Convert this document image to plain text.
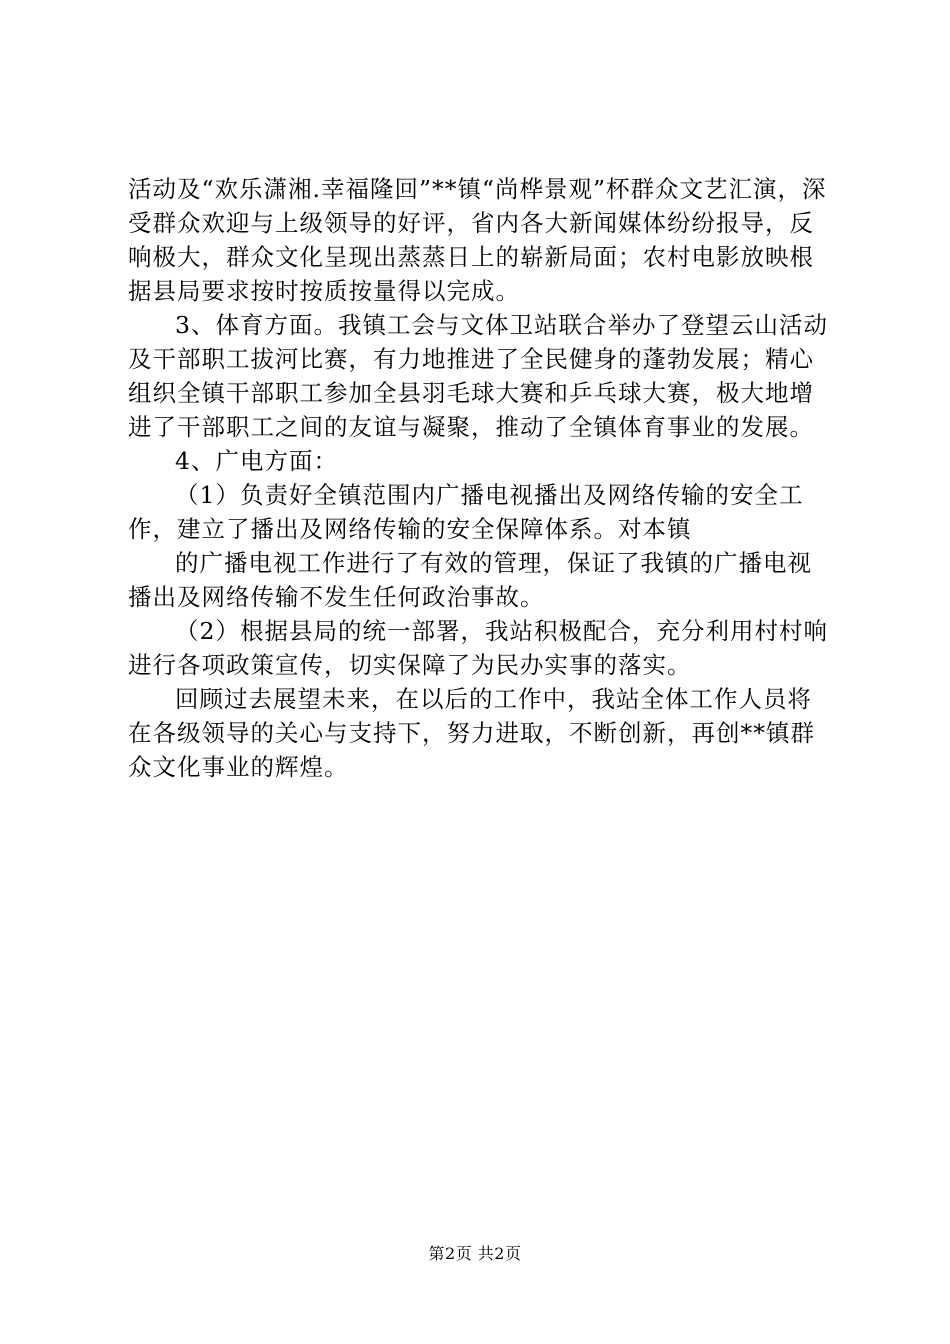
活动及“欢乐潇湘.幸福隆回”**镇“尚桦景观”杯群众文艺汇演，深受群众欢迎与上级领导的好评，省内各大新闻媒体纷纷报导，反响极大，群众文化呈现出蒸蒸日上的崭新局面；农村电影放映根据县局要求按时按质按量得以完成。

3、体育方面。我镇工会与文体卫站联合举办了登望云山活动及干部职工拔河比赛，有力地推进了全民健身的蓬勃发展；精心组织全镇干部职工参加全县羽毛球大赛和乒乓球大赛，极大地增进了干部职工之间的友谊与凝聚，推动了全镇体育事业的发展。

4、广电方面：

（1）负责好全镇范围内广播电视播出及网络传输的安全工作，建立了播出及网络传输的安全保障体系。对本镇

的广播电视工作进行了有效的管理，保证了我镇的广播电视播出及网络传输不发生任何政治事故。

（2）根据县局的统一部署，我站积极配合，充分利用村村响进行各项政策宣传，切实保障了为民办实事的落实。

回顾过去展望未来，在以后的工作中，我站全体工作人员将在各级领导的关心与支持下，努力进取，不断创新，再创**镇群众文化事业的辉煌。

第2页 共2页
